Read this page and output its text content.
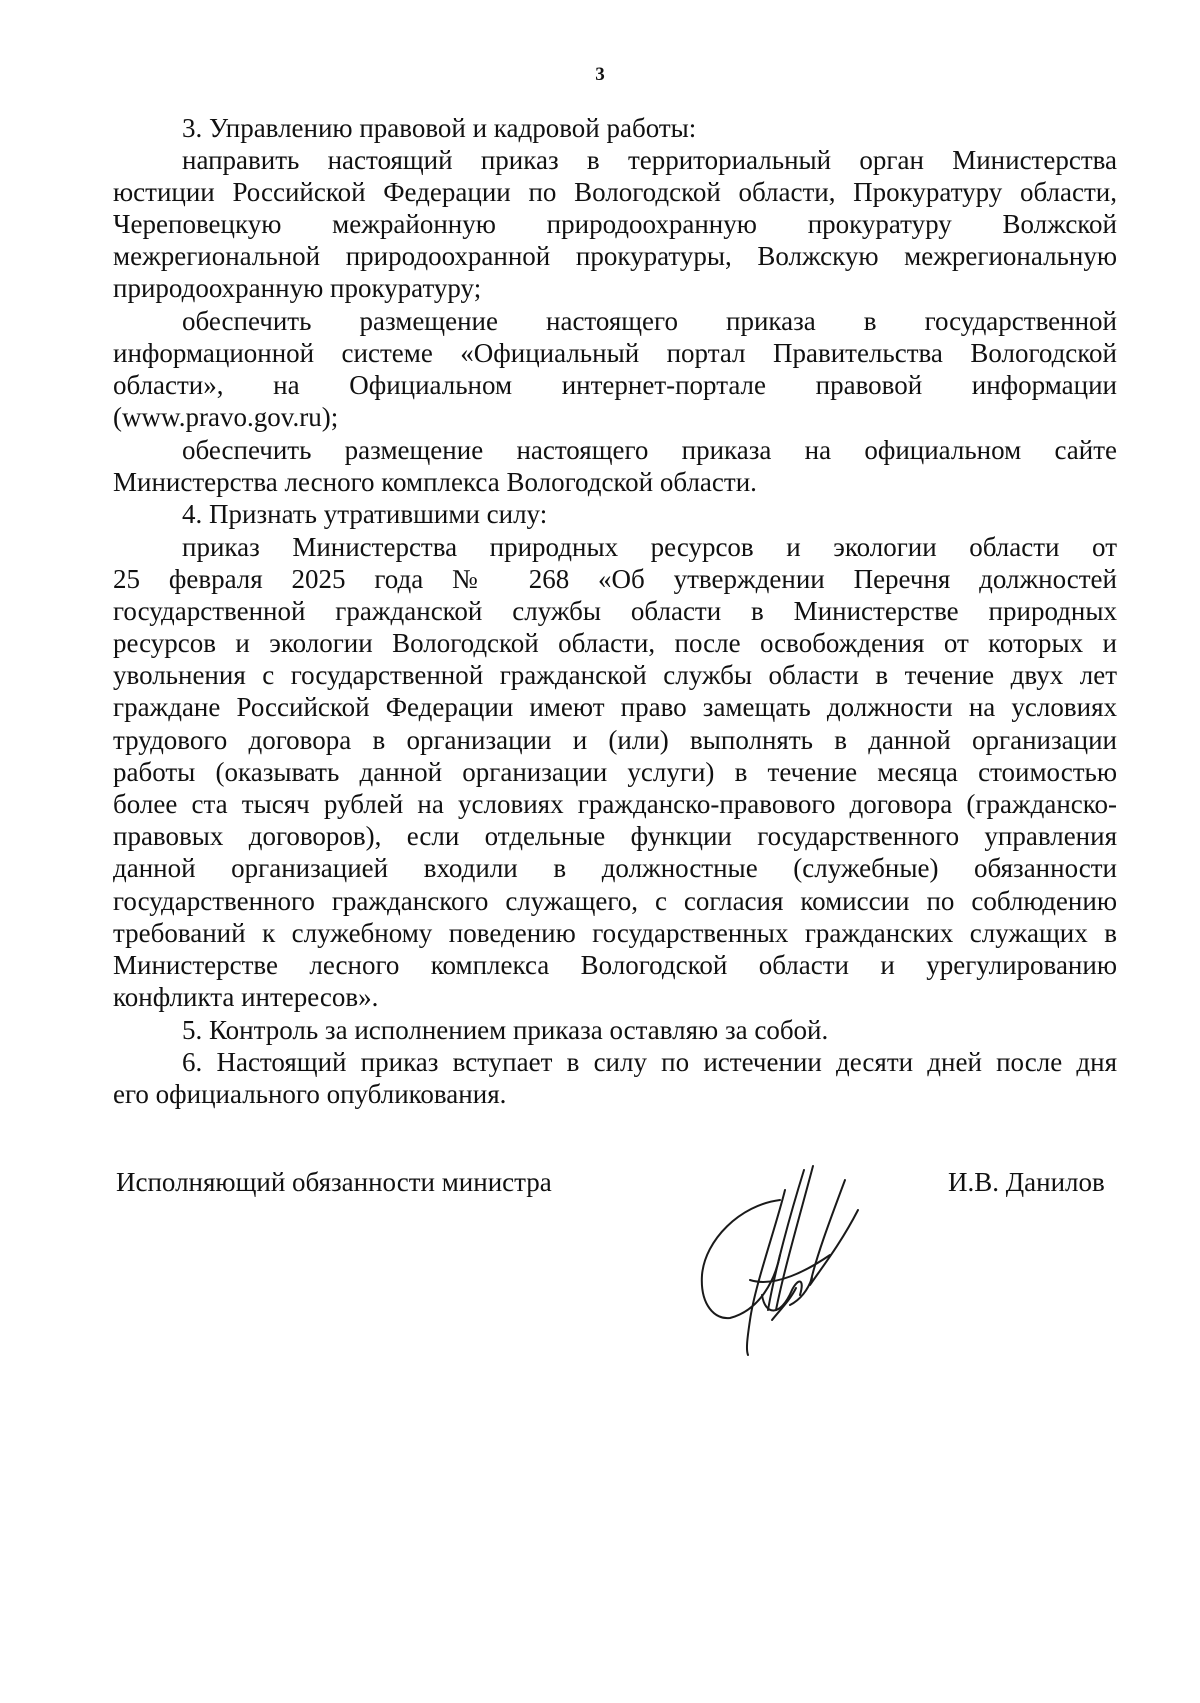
3
3. Управлению правовой и кадровой работы:
направить настоящий приказ в территориальный орган Министерства
юстиции Российской Федерации по Вологодской области, Прокуратуру области,
Череповецкую межрайонную природоохранную прокуратуру Волжской
межрегиональной природоохранной прокуратуры, Волжскую межрегиональную
природоохранную прокуратуру;
обеспечить размещение настоящего приказа в государственной
информационной системе «Официальный портал Правительства Вологодской
области», на Официальном интернет-портале правовой информации
(www.pravo.gov.ru);
обеспечить размещение настоящего приказа на официальном сайте
Министерства лесного комплекса Вологодской области.
4. Признать утратившими силу:
приказ Министерства природных ресурсов и экологии области от
25 февраля 2025 года № 268 «Об утверждении Перечня должностей
государственной гражданской службы области в Министерстве природных
ресурсов и экологии Вологодской области, после освобождения от которых и
увольнения с государственной гражданской службы области в течение двух лет
граждане Российской Федерации имеют право замещать должности на условиях
трудового договора в организации и (или) выполнять в данной организации
работы (оказывать данной организации услуги) в течение месяца стоимостью
более ста тысяч рублей на условиях гражданско-правового договора (гражданско-
правовых договоров), если отдельные функции государственного управления
данной организацией входили в должностные (служебные) обязанности
государственного гражданского служащего, с согласия комиссии по соблюдению
требований к служебному поведению государственных гражданских служащих в
Министерстве лесного комплекса Вологодской области и урегулированию
конфликта интересов».
5. Контроль за исполнением приказа оставляю за собой.
6. Настоящий приказ вступает в силу по истечении десяти дней после дня
его официального опубликования.
Исполняющий обязанности министра	И.В. Данилов
